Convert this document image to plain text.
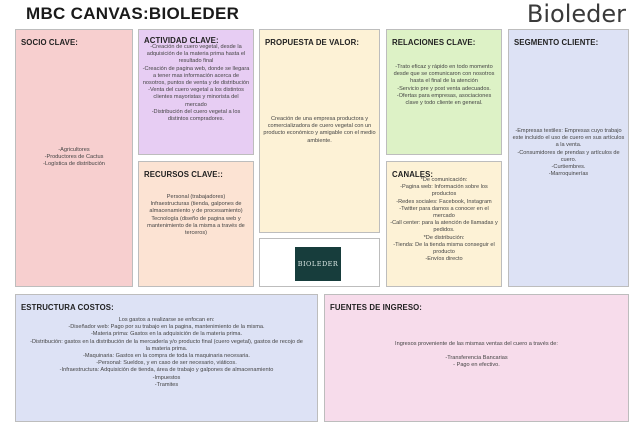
MBC CANVAS:BIOLEDER	Bioleder
SOCIO CLAVE:

-Agricultores

-Productores de Cactus

-Logística de distribución

ACTIVIDAD CLAVE:

-Creación de cuero vegetal, desde la adquisición de la materia prima hasta el resultado final

-Creación de pagina web, donde se llegara a tener mas información acerca de nosotros, puntos de venta y de distribución

-Venta del cuero vegetal a los distintos clientes mayoristas y minorista del mercado

-Distribución del cuero vegetal a los distintos compradores.

RECURSOS CLAVE::

Personal (trabajadores)

Infraestructuras (tienda, galpones de almacenamiento y de procesamiento)

Tecnología (diseño de pagina web y mantenimiento de la misma a través de terceros)

PROPUESTA DE VALOR:

Creación de una empresa productora y comercializadora de cuero vegetal con un producto económico y amigable con el medio ambiente.

BIOLEDER
RELACIONES CLAVE:

-Trato eficaz y rápido en todo momento desde que se comunicaron con nosotros hasta el final de la atención

-Servicio pre y post venta adecuados.

-Ofertas para empresas, asociaciones clave y todo cliente en general.

CANALES:

*De comunicación:

-Pagina web: Información sobre los productos

-Redes sociales: Facebook, Instagram

-Twitter para darnos a conocer en el mercado

-Call center: para la atención de llamadas y pedidos.

*De distribución:

-Tienda: De la tienda misma conseguir el producto

-Envíos directo

SEGMENTO CLIENTE:

-Empresas textiles: Empresas cuyo trabajo este incluido el uso de cuero en sus artículos a la venta.

-Consumidores de prendas y artículos de cuero.

-Curtiembres.

-Marroquinerías

ESTRUCTURA COSTOS:

Los gastos a realizarse se enfocan en:

-Diseñador web: Pago por su trabajo en la pagina, mantenimiento de la misma.

-Materia prima: Gastos en la adquisición de la materia prima.

-Distribución: gastos en la distribución de la mercadería y/o producto final (cuero vegetal), gastos de recojo de la materia prima.

-Maquinaria: Gastos en la compra de toda la maquinaria necesaria.

-Personal: Sueldos, y en caso de ser necesario, viáticos.

-Infraestructura: Adquisición de tienda, área de trabajo y galpones de almacenamiento

-Impuestos

-Tramites

FUENTES DE INGRESO:

Ingresos proveniente de las mismas ventas del cuero a través de:

-Transferencia Bancarias

- Pago en efectivo.
